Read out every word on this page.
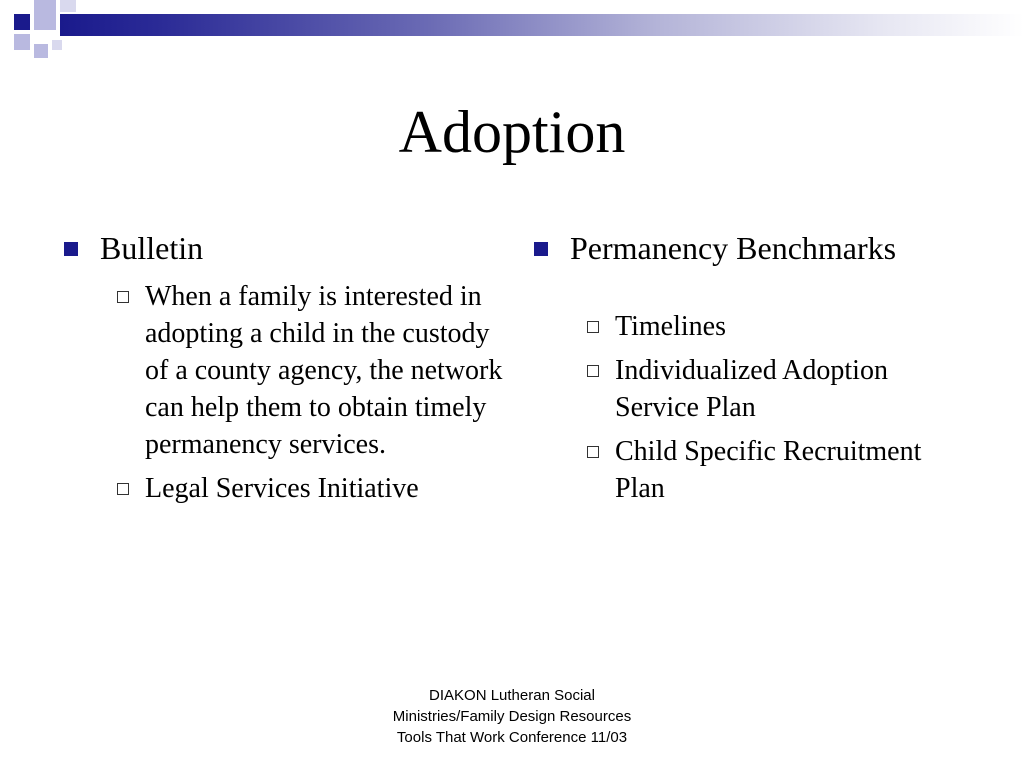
Adoption
Bulletin
When a family is interested in adopting a child in the custody of a county agency, the network can help them to obtain timely permanency services.
Legal Services Initiative
Permanency Benchmarks
Timelines
Individualized Adoption Service Plan
Child Specific Recruitment Plan
DIAKON Lutheran Social
Ministries/Family Design Resources
Tools That Work Conference 11/03
